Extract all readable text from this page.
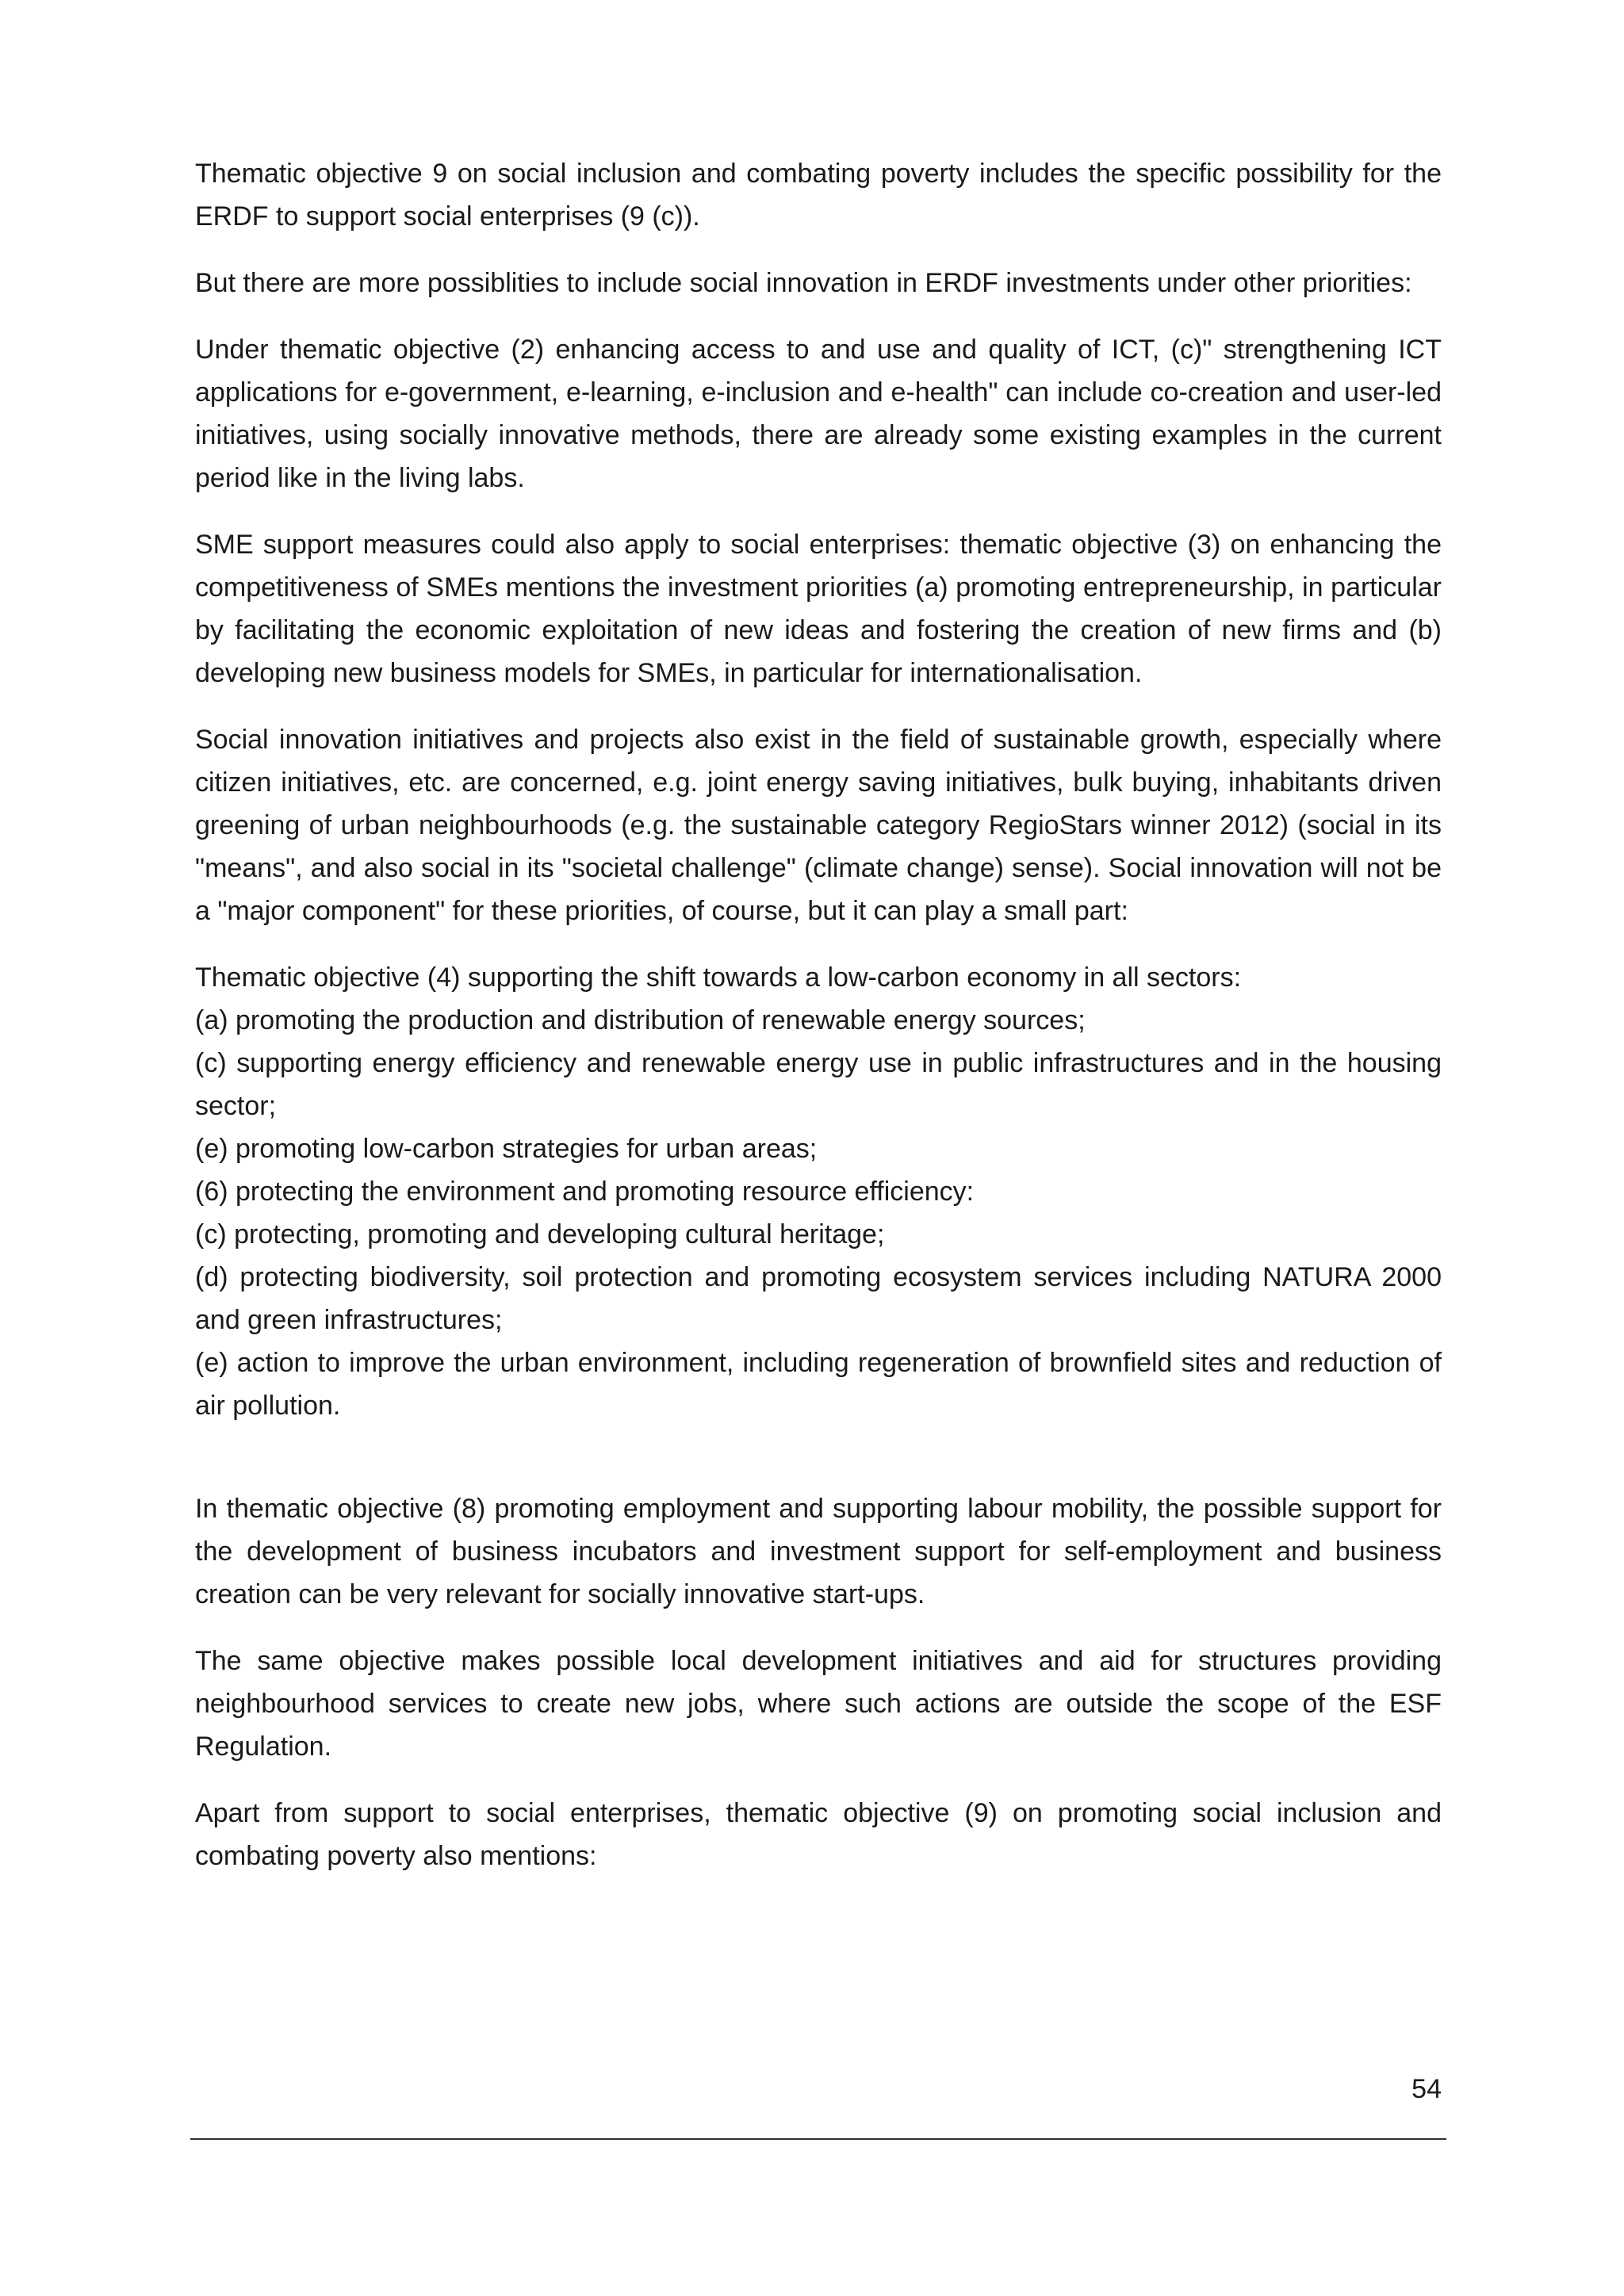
Thematic objective 9 on social inclusion and combating poverty includes the specific possibility for the ERDF to support social enterprises (9 (c)).

But there are more possiblities to include social innovation in ERDF investments under other priorities:

Under thematic objective (2) enhancing access to and use and quality of ICT, (c)" strengthening ICT applications for e-government, e-learning, e-inclusion and e-health" can include co-creation and user-led initiatives, using socially innovative methods, there are already some existing examples in the current period like in the living labs.

SME support measures could also apply to social enterprises: thematic objective (3) on enhancing the competitiveness of SMEs mentions the investment priorities (a) promoting entrepreneurship, in particular by facilitating the economic exploitation of new ideas and fostering the creation of new firms and (b) developing new business models for SMEs, in particular for internationalisation.

Social innovation initiatives and projects also exist in the field of sustainable growth, especially where citizen initiatives, etc. are concerned, e.g. joint energy saving initiatives, bulk buying, inhabitants driven greening of urban neighbourhoods (e.g. the sustainable category RegioStars winner 2012) (social in its "means", and also social in its "societal challenge" (climate change) sense). Social innovation will not be a "major component" for these priorities, of course, but it can play a small part:

Thematic objective (4) supporting the shift towards a low-carbon economy in all sectors:
(a) promoting the production and distribution of renewable energy sources;
(c) supporting energy efficiency and renewable energy use in public infrastructures and in the housing sector;
(e) promoting low-carbon strategies for urban areas;
(6) protecting the environment and promoting resource efficiency:
(c) protecting, promoting and developing cultural heritage;
(d) protecting biodiversity, soil protection and promoting ecosystem services including NATURA 2000 and green infrastructures;
(e) action to improve the urban environment, including regeneration of brownfield sites and reduction of air pollution.

In thematic objective (8) promoting employment and supporting labour mobility, the possible support for the development of business incubators and investment support for self-employment and business creation can be very relevant for socially innovative start-ups.

The same objective makes possible local development initiatives and aid for structures providing neighbourhood services to create new jobs, where such actions are outside the scope of the ESF Regulation.

Apart from support to social enterprises, thematic objective (9) on promoting social inclusion and combating poverty also mentions:

54
